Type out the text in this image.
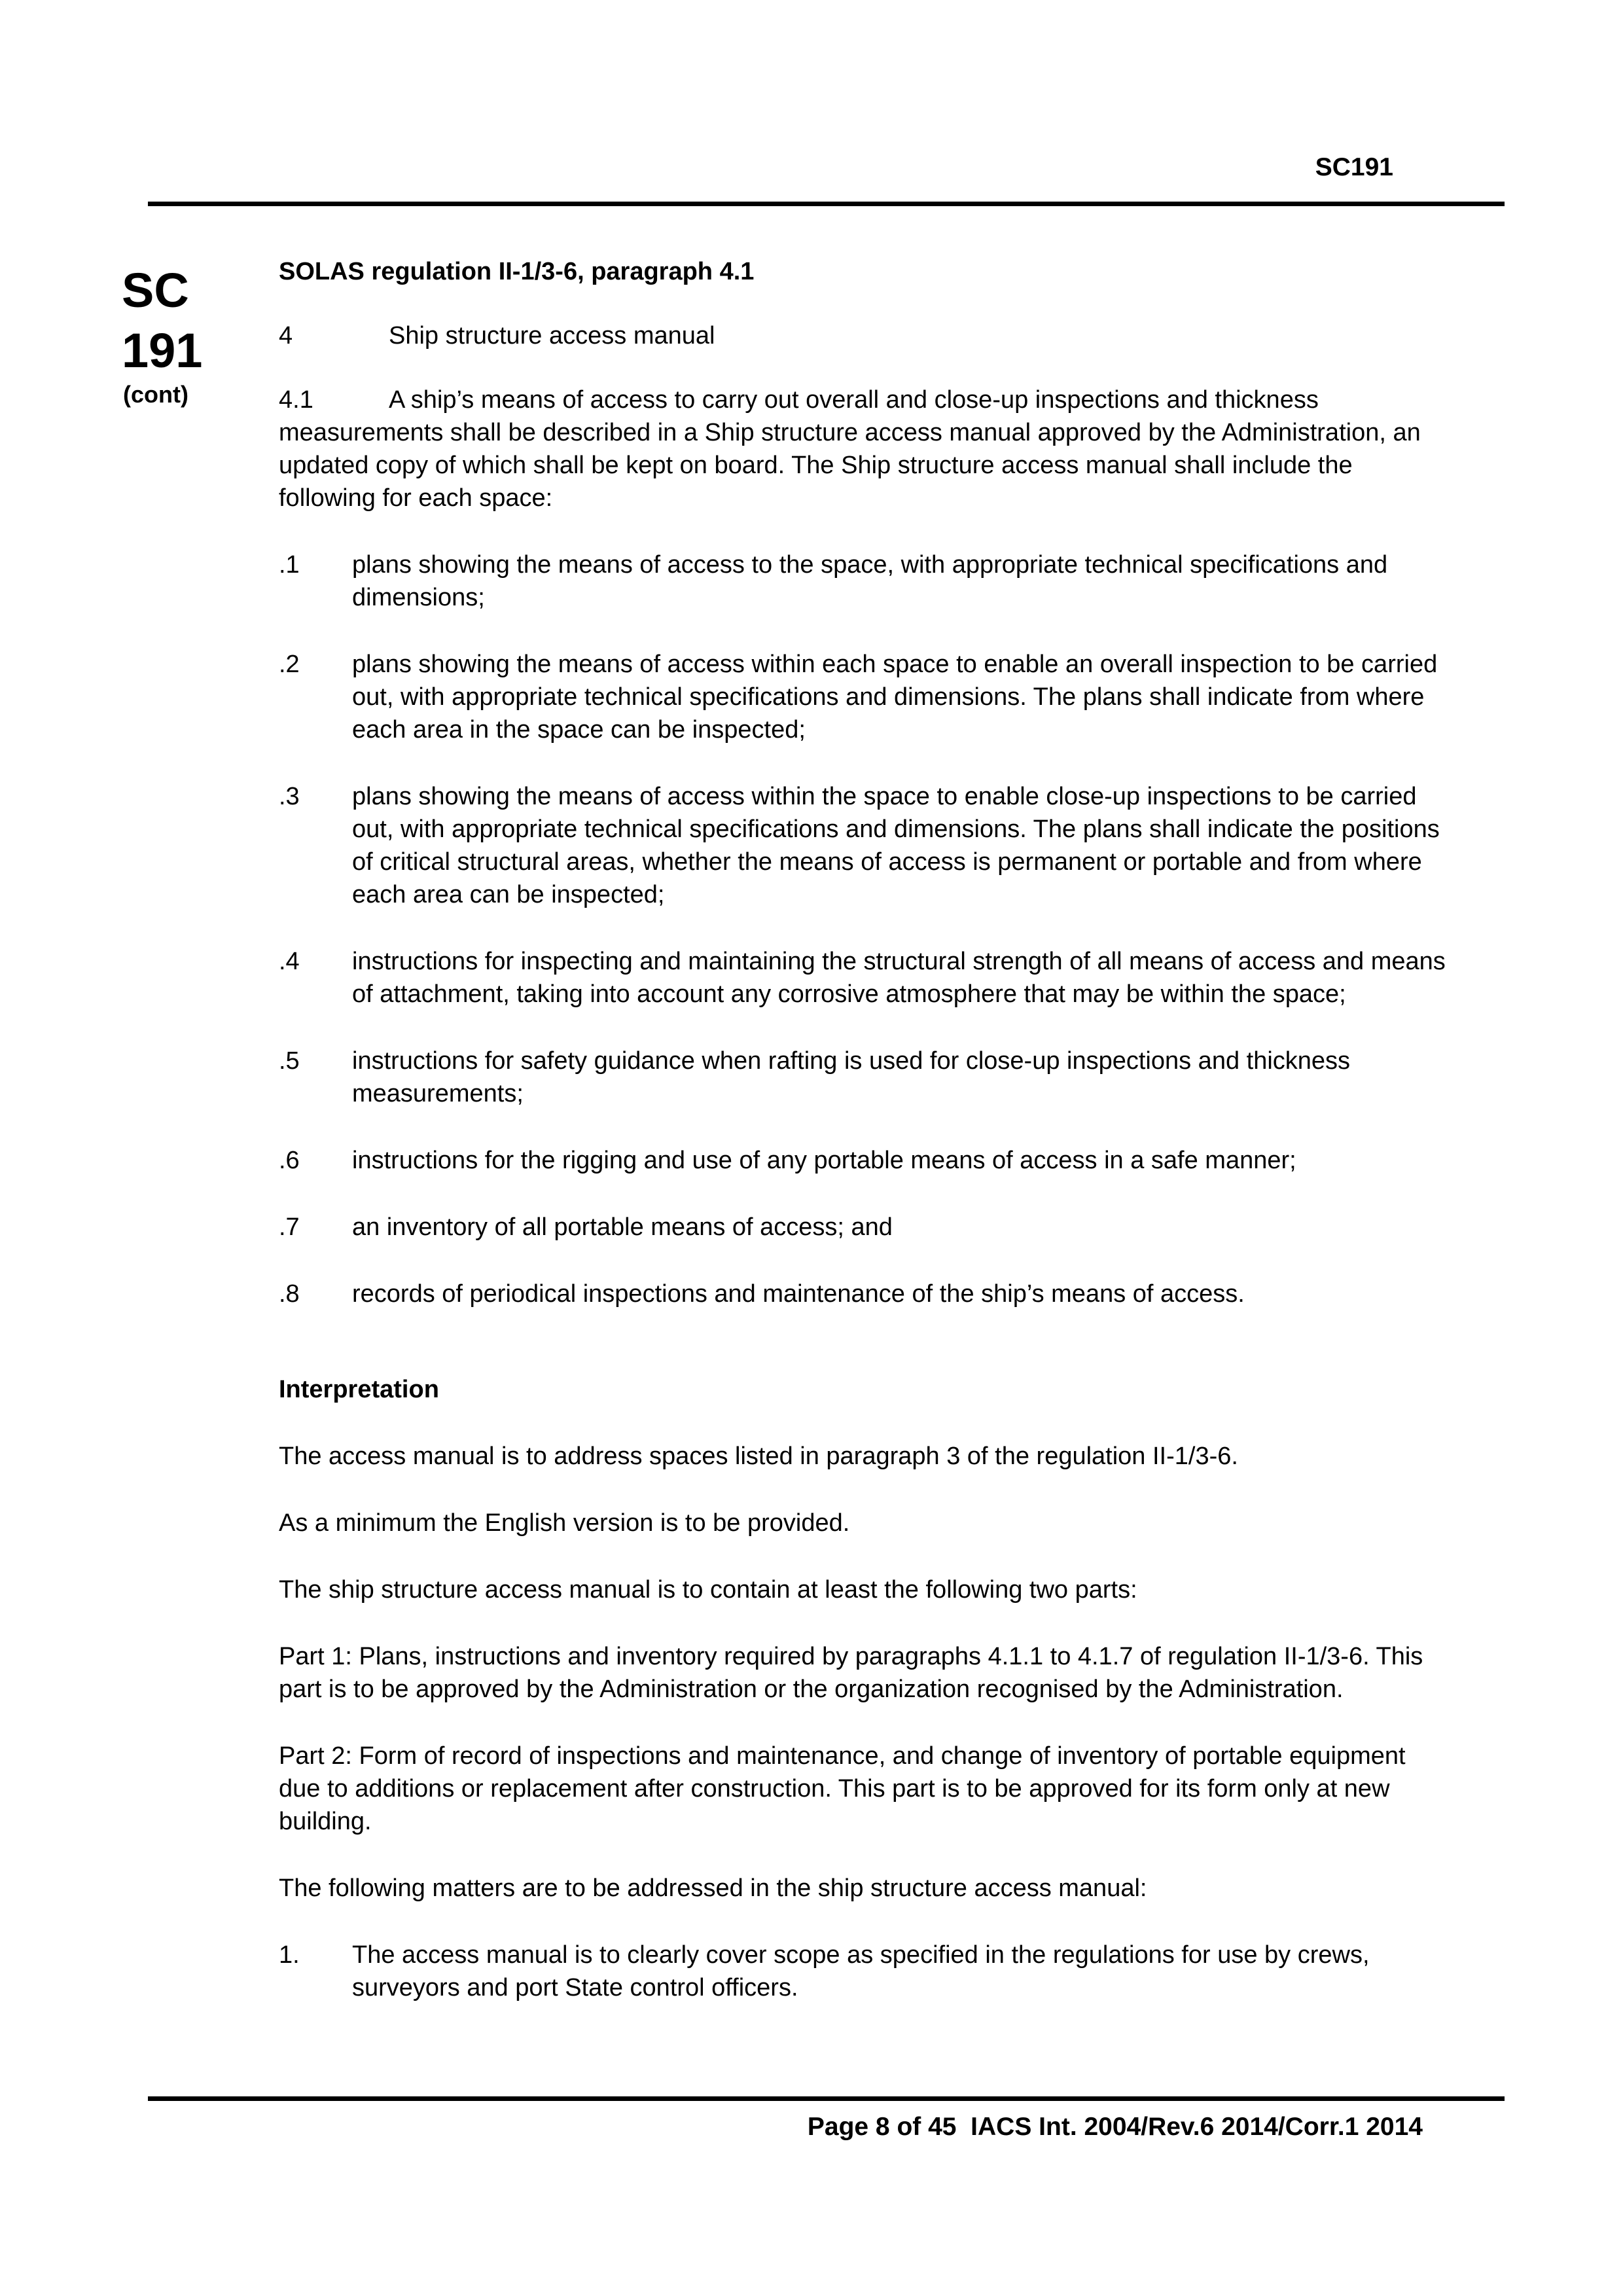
SC191
SC
191
(cont)

SOLAS regulation II-1/3-6, paragraph 4.1

4	Ship structure access manual

4.1	A ship’s means of access to carry out overall and close-up inspections and thickness measurements shall be described in a Ship structure access manual approved by the Administration, an updated copy of which shall be kept on board. The Ship structure access manual shall include the following for each space:

.1	plans showing the means of access to the space, with appropriate technical specifications and dimensions;
.2	plans showing the means of access within each space to enable an overall inspection to be carried out, with appropriate technical specifications and dimensions. The plans shall indicate from where each area in the space can be inspected;
.3	plans showing the means of access within the space to enable close-up inspections to be carried out, with appropriate technical specifications and dimensions. The plans shall indicate the positions of critical structural areas, whether the means of access is permanent or portable and from where each area can be inspected;
.4	instructions for inspecting and maintaining the structural strength of all means of access and means of attachment, taking into account any corrosive atmosphere that may be within the space;
.5	instructions for safety guidance when rafting is used for close-up inspections and thickness measurements;
.6	instructions for the rigging and use of any portable means of access in a safe manner;
.7	an inventory of all portable means of access; and
.8	records of periodical inspections and maintenance of the ship’s means of access.

Interpretation

The access manual is to address spaces listed in paragraph 3 of the regulation II-1/3-6.

As a minimum the English version is to be provided.

The ship structure access manual is to contain at least the following two parts:

Part 1: Plans, instructions and inventory required by paragraphs 4.1.1 to 4.1.7 of regulation II-1/3-6. This part is to be approved by the Administration or the organization recognised by the Administration.

Part 2: Form of record of inspections and maintenance, and change of inventory of portable equipment due to additions or replacement after construction. This part is to be approved for its form only at new building.

The following matters are to be addressed in the ship structure access manual:

1.	The access manual is to clearly cover scope as specified in the regulations for use by crews, surveyors and port State control officers.
Page 8 of 45 IACS Int. 2004/Rev.6 2014/Corr.1 2014
